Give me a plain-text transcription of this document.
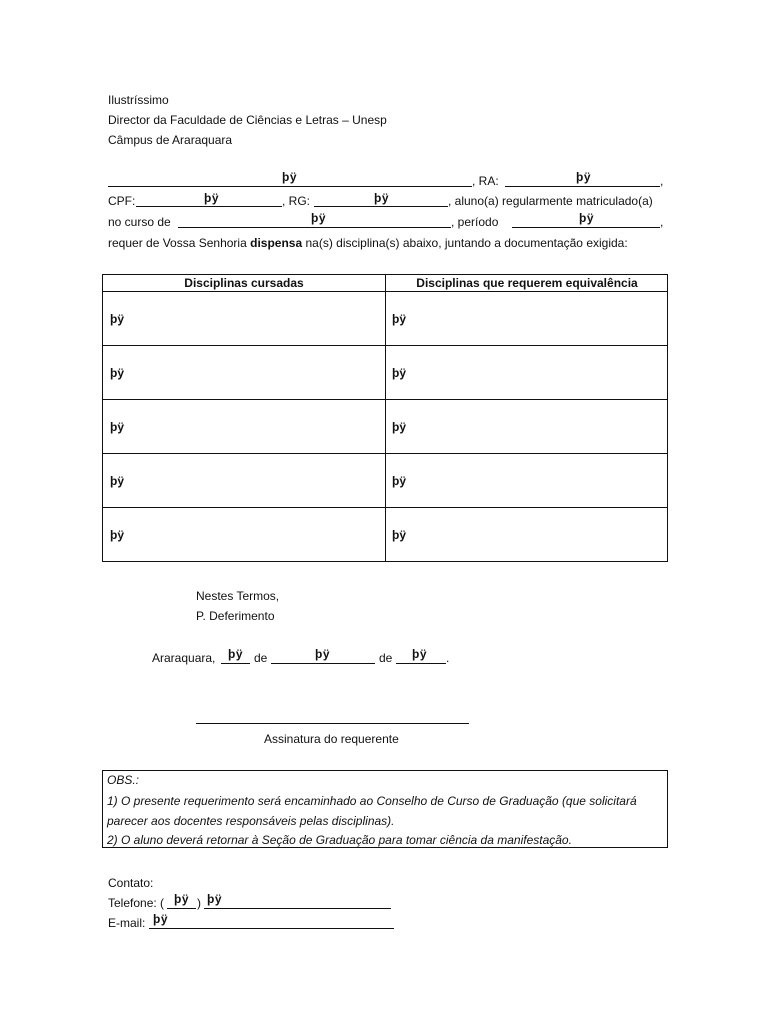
Ilustríssimo
Director da Faculdade de Ciências e Letras – Unesp
Câmpus de Araraquara
þÿ	, RA:	þÿ	,
CPF:	þÿ	, RG:	þÿ	, aluno(a) regularmente matriculado(a)
no curso de	þÿ	, período	þÿ	,
requer de Vossa Senhoria dispensa na(s) disciplina(s) abaixo, juntando a documentação exigida:
Disciplinas cursadas	Disciplinas que requerem equivalência
þÿ	þÿ
þÿ	þÿ
þÿ	þÿ
þÿ	þÿ
þÿ	þÿ
Nestes Termos,
P. Deferimento
Araraquara, þÿ de	þÿ	de þÿ .
Assinatura do requerente
OBS.:
1) O presente requerimento será encaminhado ao Conselho de Curso de Graduação (que solicitará
parecer aos docentes responsáveis pelas disciplinas).
2) O aluno deverá retornar à Seção de Graduação para tomar ciência da manifestação.
Contato:
Telefone: ( þÿ ) þÿ
E-mail: þÿ
